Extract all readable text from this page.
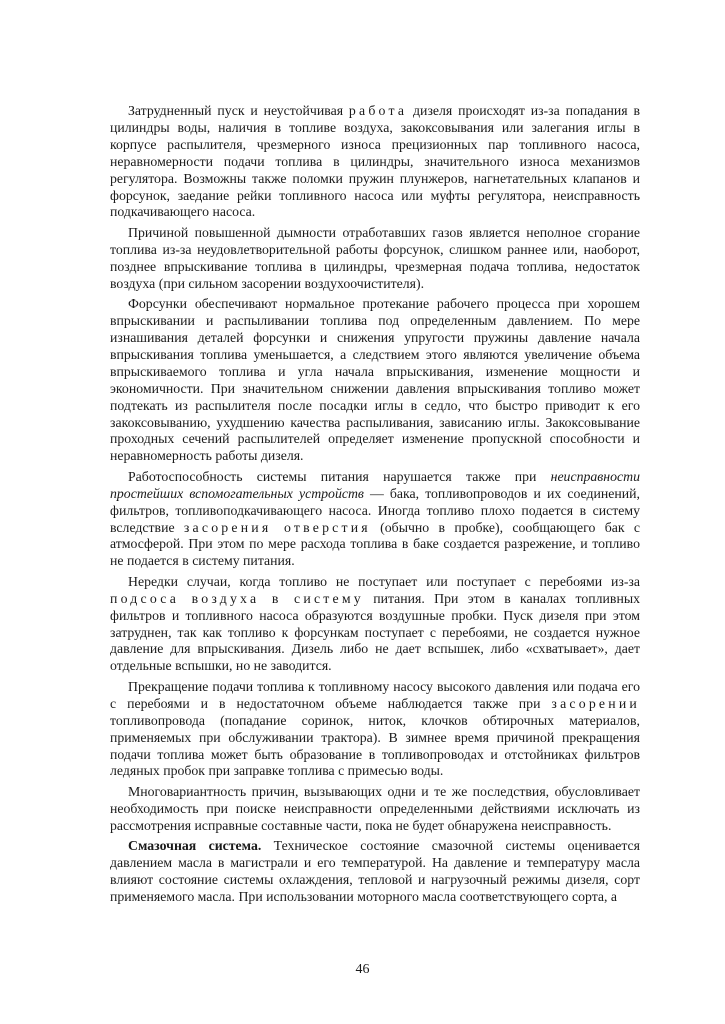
Затрудненный пуск и неустойчивая работа дизеля происходят из-за попадания в цилиндры воды, наличия в топливе воздуха, закоксовывания или залегания иглы в корпусе распылителя, чрезмерного износа прецизионных пар топливного насоса, неравномерности подачи топлива в цилиндры, значительного износа механизмов регулятора. Возможны также поломки пружин плунжеров, нагнетательных клапанов и форсунок, заедание рейки топливного насоса или муфты регулятора, неисправность подкачивающего насоса.

Причиной повышенной дымности отработавших газов является неполное сгорание топлива из-за неудовлетворительной работы форсунок, слишком раннее или, наоборот, позднее впрыскивание топлива в цилиндры, чрезмерная подача топлива, недостаток воздуха (при сильном засорении воздухоочистителя).

Форсунки обеспечивают нормальное протекание рабочего процесса при хорошем впрыскивании и распыливании топлива под определенным давлением. По мере изнашивания деталей форсунки и снижения упругости пружины давление начала впрыскивания топлива уменьшается, а следствием этого являются увеличение объема впрыскиваемого топлива и угла начала впрыскивания, изменение мощности и экономичности. При значительном снижении давления впрыскивания топливо может подтекать из распылителя после посадки иглы в седло, что быстро приводит к его закоксовыванию, ухудшению качества распыливания, зависанию иглы. Закоксовывание проходных сечений распылителей определяет изменение пропускной способности и неравномерность работы дизеля.

Работоспособность системы питания нарушается также при неисправности простейших вспомогательных устройств — бака, топливопроводов и их соединений, фильтров, топливоподкачивающего насоса. Иногда топливо плохо подается в систему вследствие засорения отверстия (обычно в пробке), сообщающего бак с атмосферой. При этом по мере расхода топлива в баке создается разрежение, и топливо не подается в систему питания.

Нередки случаи, когда топливо не поступает или поступает с перебоями из-за подсоса воздуха в систему питания. При этом в каналах топливных фильтров и топливного насоса образуются воздушные пробки. Пуск дизеля при этом затруднен, так как топливо к форсункам поступает с перебоями, не создается нужное давление для впрыскивания. Дизель либо не дает вспышек, либо «схватывает», дает отдельные вспышки, но не заводится.

Прекращение подачи топлива к топливному насосу высокого давления или подача его с перебоями и в недостаточном объеме наблюдается также при засорении топливопровода (попадание соринок, ниток, клочков обтирочных материалов, применяемых при обслуживании трактора). В зимнее время причиной прекращения подачи топлива может быть образование в топливопроводах и отстойниках фильтров ледяных пробок при заправке топлива с примесью воды.

Многовариантность причин, вызывающих одни и те же последствия, обусловливает необходимость при поиске неисправности определенными действиями исключать из рассмотрения исправные составные части, пока не будет обнаружена неисправность.

Смазочная система. Техническое состояние смазочной системы оценивается давлением масла в магистрали и его температурой. На давление и температуру масла влияют состояние системы охлаждения, тепловой и нагрузочный режимы дизеля, сорт применяемого масла. При использовании моторного масла соответствующего сорта, а

46
